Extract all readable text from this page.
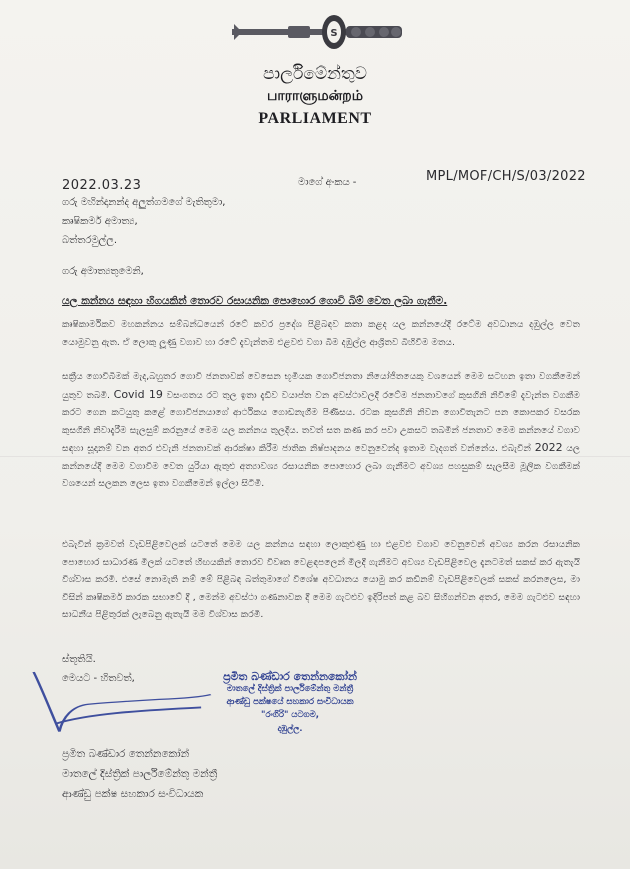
S
පාර්ලිමේන්තුව
பாராளுமன்றம்
PARLIAMENT
2022.03.23	මාගේ අංකය -	MPL/MOF/CH/S/03/2022
ගරු මහින්දානන්ද අලුත්ගමගේ මැතිතුමා,
කෘෂිකර්ම අමාත්‍ය,
බත්තරමුල්ල.
ගරු අමාත්‍යතුමෙනි,
යල කන්නය සඳහා හිගයකින් තොරව රසායනික පොහොර ගොවි බිම් වෙත ලබා ගැනීම.
කෘෂිකාර්මිකව මහකන්නය සම්බන්ධයෙන් රටේ කවර ප්‍රදේශ පිළිබඳව කතා කළද යල කන්නයේදී රටේම අවධානය දඹුල්ල වෙත යොමුවනු ඇත. ඒ ලොකු ලූණු වගාව හා රටේ දැවැන්තම එළවළු වගා බිම දඹුල්ල ආශ්‍රිතව බිහිවීම මතය.
සක්‍රීය ගොවිබිමක් මැද,බහුතර ගොවි ජනතාවක් වෙසෙන භූමියක ගොවිජනතා නියෝජිතයෙකු වශයෙන් මෙම සටහන ඉතා වගකීමෙන් යුතුව තබමි. Covid 19 වසංගතය රට තුල ඉතා දැඩිව වයාප්ත වන අවස්ථාවලදී රටේම ජනතාවගේ කුසගිනි නිවීමේ දැවැන්ත වගකීම කරට ගෙන කටයුතු කළේ ගොවිජනයාගේ ආර්ථිකය ගොඩනැගීම පිණිසය. රටක කුසගිනි නිවන ගොවිතැනට පන කොපකර වසරක කුසගිනි නිවාදැරීම සැලසුම් කරනුයේ මෙම යල කන්නය තුලදීය. තවත් සත කණ කර පවා උකසට තබමින් ජනතාව මෙම කන්නයේ වගාව සඳහා සූදානම් වන අතර එවැනි ජනතාවක් ආරක්ෂා කිරීම ජාතික නිෂ්පාදනය වෙනුවෙන්ද ඉතාම වැදගත් වන්නේය. එබැවින් 2022 යල කන්නයේදී මෙම වගාවිම වෙත යුරියා ඇතුළු අත්‍යාවශ්‍ය රසායනික පොහොර ලබා ගැනීමට අවශ්‍ය පහසුකම් සැලසීම මූලික වගකීමක් වශයෙන් සලකන ලෙස ඉතා වගකීමෙන් ඉල්ලා සිටිමි.
එබැවින් ක්‍රමවත් වැඩපිළිවෙලක් යටතේ මෙම යල කන්නය සඳහා ලොකුළුණු හා එළවළු වගාව වෙනුවෙන් අවශ්‍ය කරන රසායනික පොහොර සාධාරණ මිලක් යටතේ හිඟයකින් තොරව විවෘත වෙළඳපලෙන් මිලදී ගැනීමට අවශ්‍ය වැඩපිළිවෙල දැනටමත් සකස් කර ඇතැයි විශ්වාස කරමි. එසේ නොමැති නම් මේ පිළිබඳ බත්තුමාගේ විශේෂ අවධානය යොමු කර කඩිනම් වැඩපිළිවෙලක් සකස් කරනලෙස, මා විසින් කෘෂිකර්ම කාරක සභාවේ දී , මෙන්ම අවස්ථා ගණනාවක දී මෙම ගැටළුව ඉදිරිපත් කළ බව සිහිගන්වන අතර, මෙම ගැටළුව සඳහා සාධනීය පිළිතුරක් ලැබෙනු ඇතැයි මම විශ්වාස කරමි.
ස්තූතියි.
මෙයට - හිතවත්,	ප්‍රමිත බණ්ඩාර තෙන්නකෝන්
මාතලේ දිස්ත්‍රික් පාර්ලිමේන්තු මන්ත්‍රී
ආණ්ඩු පක්ෂයේ සහකාර සංවිධායක
"රංගිරි" යටගම,
දඹුල්ල.
ප්‍රමිත බණ්ඩාර තෙන්නකෝන්
මාතලේ දිස්ත්‍රික් පාර්ලිමේන්තු මන්ත්‍රී
ආණ්ඩු පක්ෂ සහකාර සංවිධායක
